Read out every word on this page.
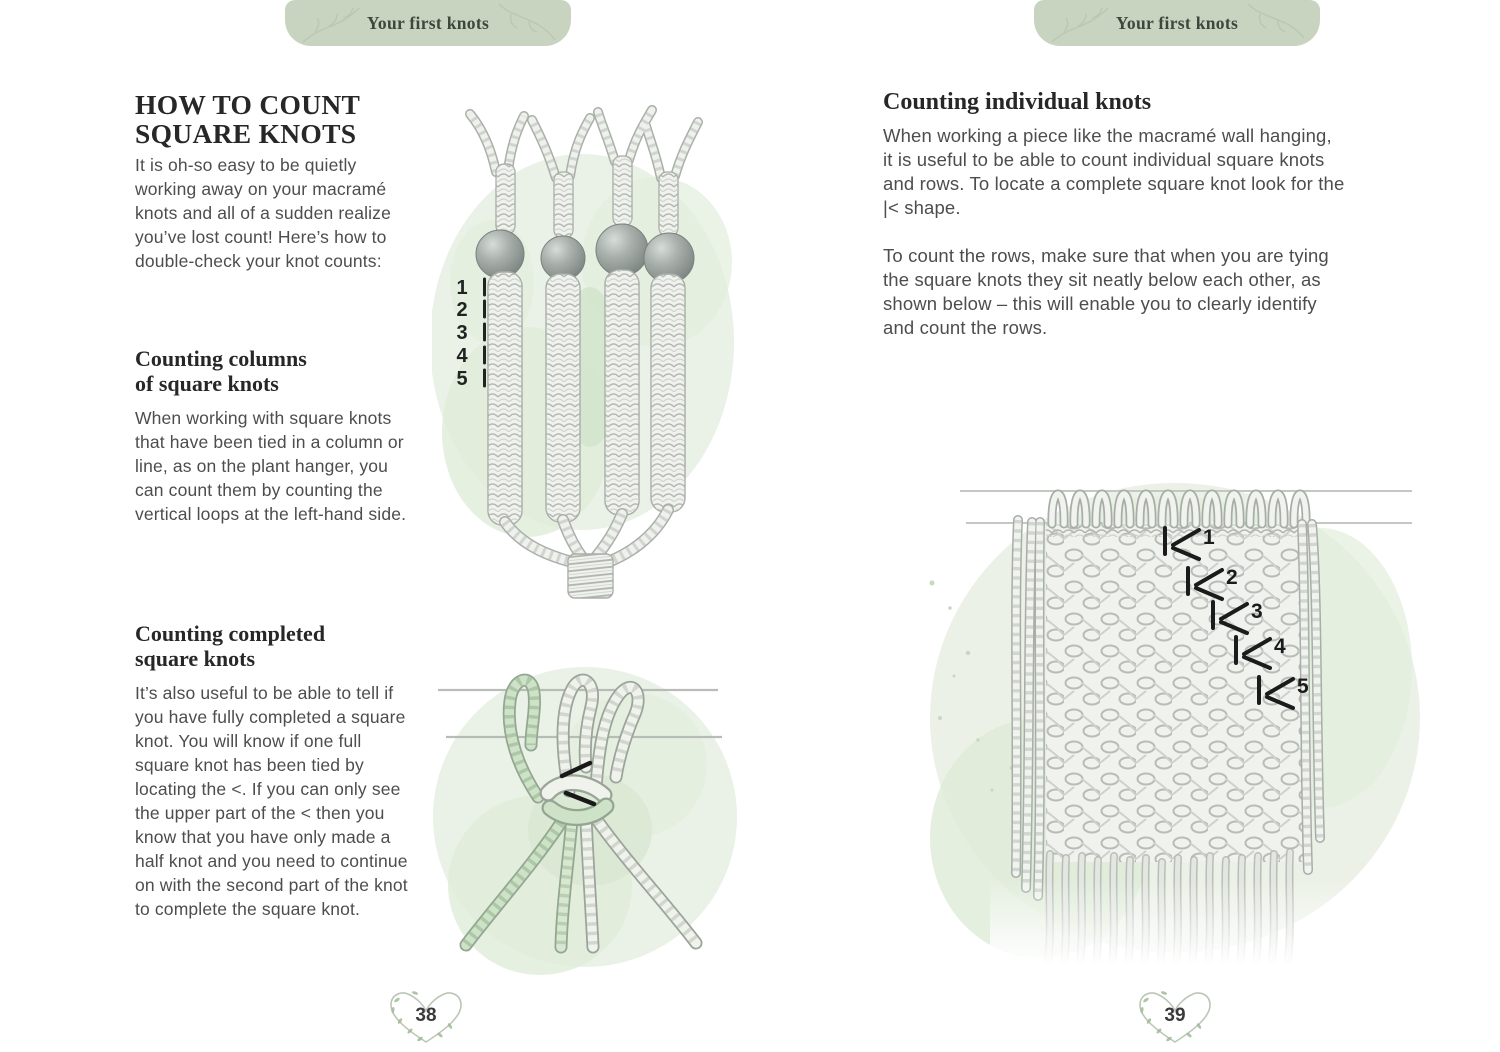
Your first knots
HOW TO COUNT
SQUARE KNOTS

It is oh-so easy to be quietly working away on your macramé knots and all of a sudden realize you’ve lost count! Here’s how to double-check your knot counts:

Counting columns
of square knots

When working with square knots that have been tied in a column or line, as on the plant hanger, you can count them by counting the vertical loops at the left-hand side.

Counting completed
square knots

It’s also useful to be able to tell if you have fully completed a square knot. You will know if one full square knot has been tied by locating the <. If you can only see the upper part of the < then you know that you have only made a half knot and you need to continue on with the second part of the knot to complete the square knot.

1
2
3
4
5
38
Your first knots
Counting individual knots

When working a piece like the macramé wall hanging, it is useful to be able to count individual square knots and rows. To locate a complete square knot look for the |< shape.

To count the rows, make sure that when you are tying the square knots they sit neatly below each other, as shown below – this will enable you to clearly identify and count the rows.

1
2
3
4
5
39
